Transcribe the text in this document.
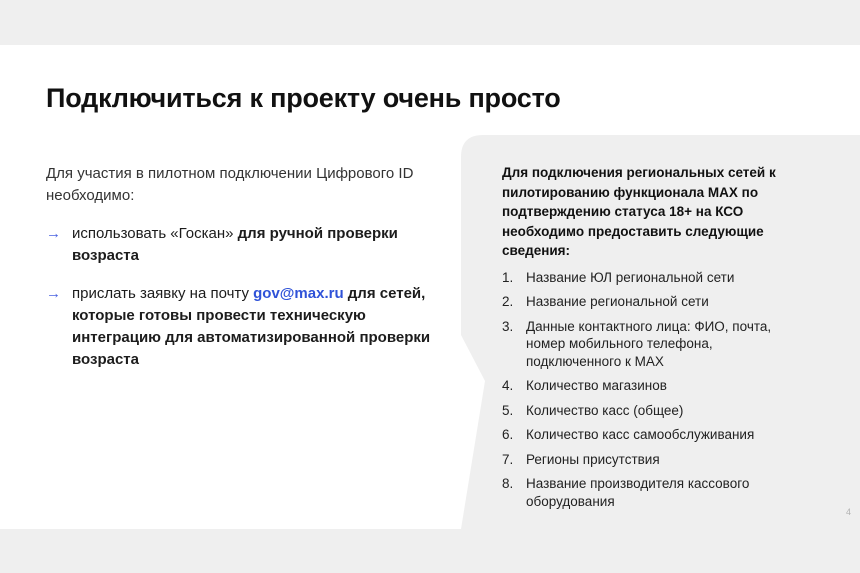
Подключиться к проекту очень просто

Для участия в пилотном подключении Цифрового ID необходимо:

→ использовать «Госкан» для ручной проверки возраста
→ прислать заявку на почту gov@max.ru для сетей, которые готовы провести техническую интеграцию для автоматизированной проверки возраста

Для подключения региональных сетей к пилотированию функционала MAX по подтверждению статуса 18+ на КСО необходимо предоставить следующие сведения:

1. Название ЮЛ региональной сети
2. Название региональной сети
3. Данные контактного лица: ФИО, почта, номер мобильного телефона, подключенного к MAX
4. Количество магазинов
5. Количество касс (общее)
6. Количество касс самообслуживания
7. Регионы присутствия
8. Название производителя кассового оборудования
4
